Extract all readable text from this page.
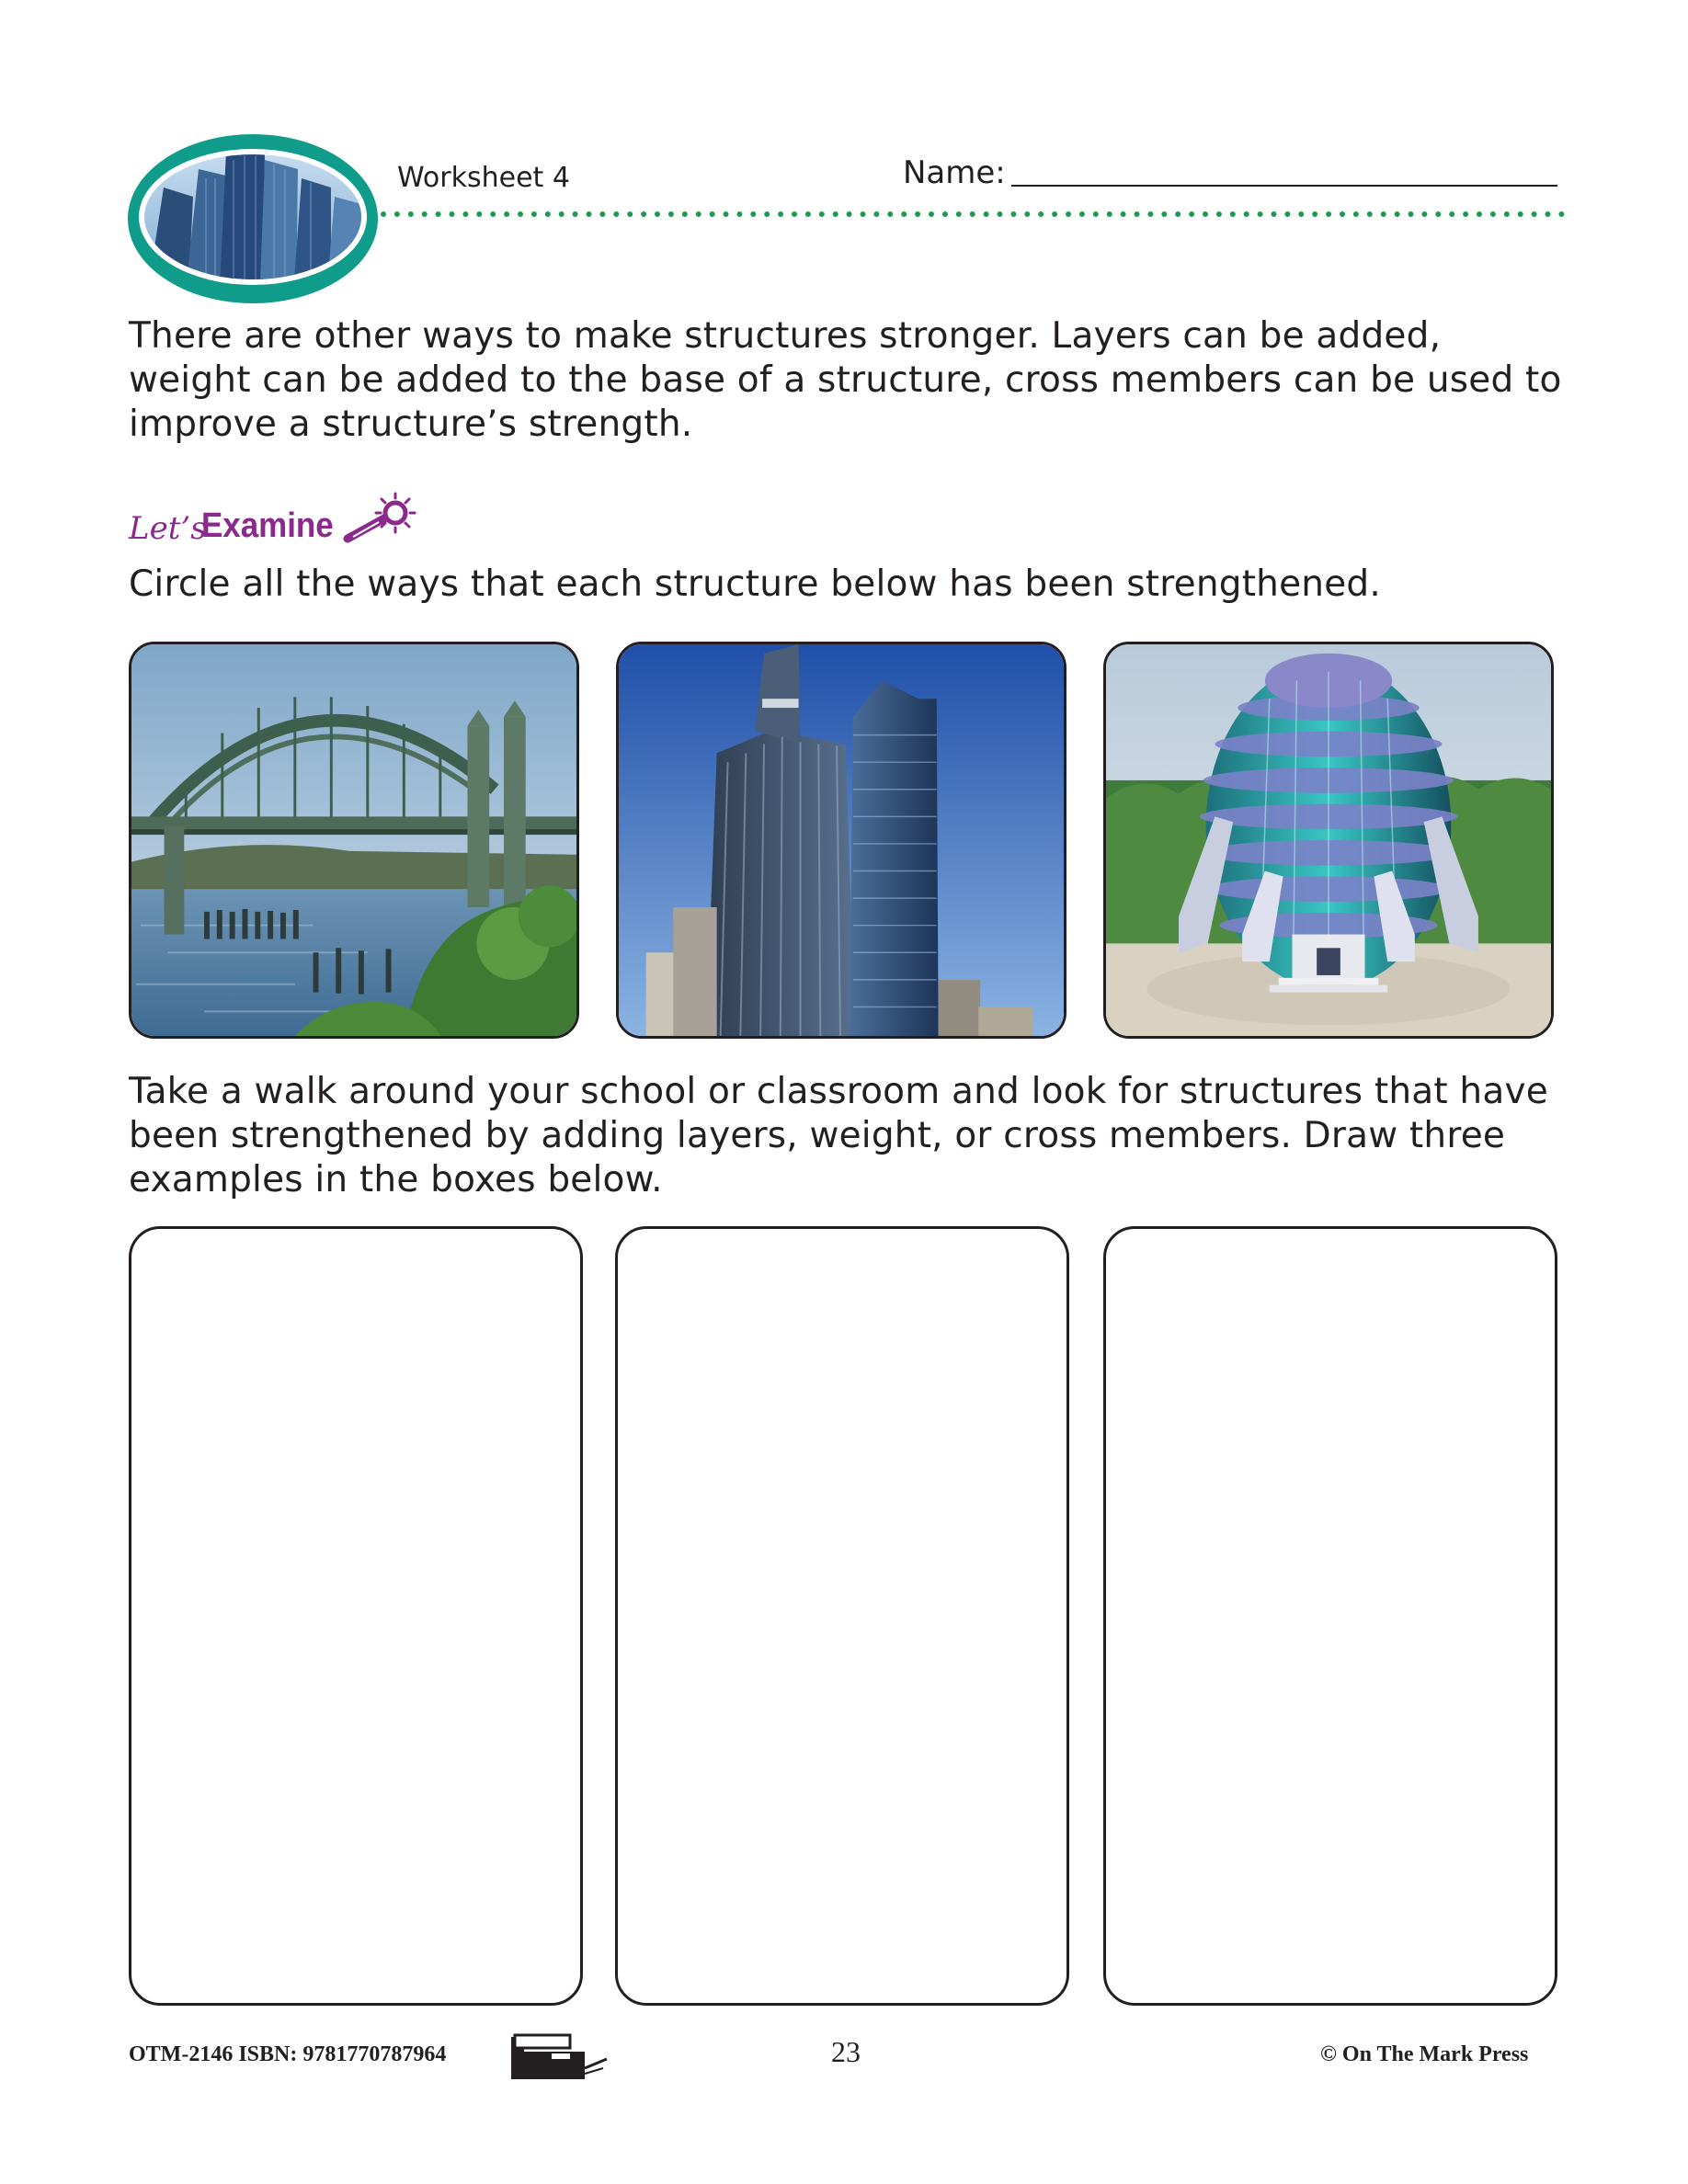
Worksheet 4	Name:
There are other ways to make structures stronger. Layers can be added, weight can be added to the base of a structure, cross members can be used to improve a structure’s strength.
Let’s
Examine
Circle all the ways that each structure below has been strengthened.
Take a walk around your school or classroom and look for structures that have been strengthened by adding layers, weight, or cross members. Draw three examples in the boxes below.
OTM-2146 ISBN: 9781770787964	23	© On The Mark Press
